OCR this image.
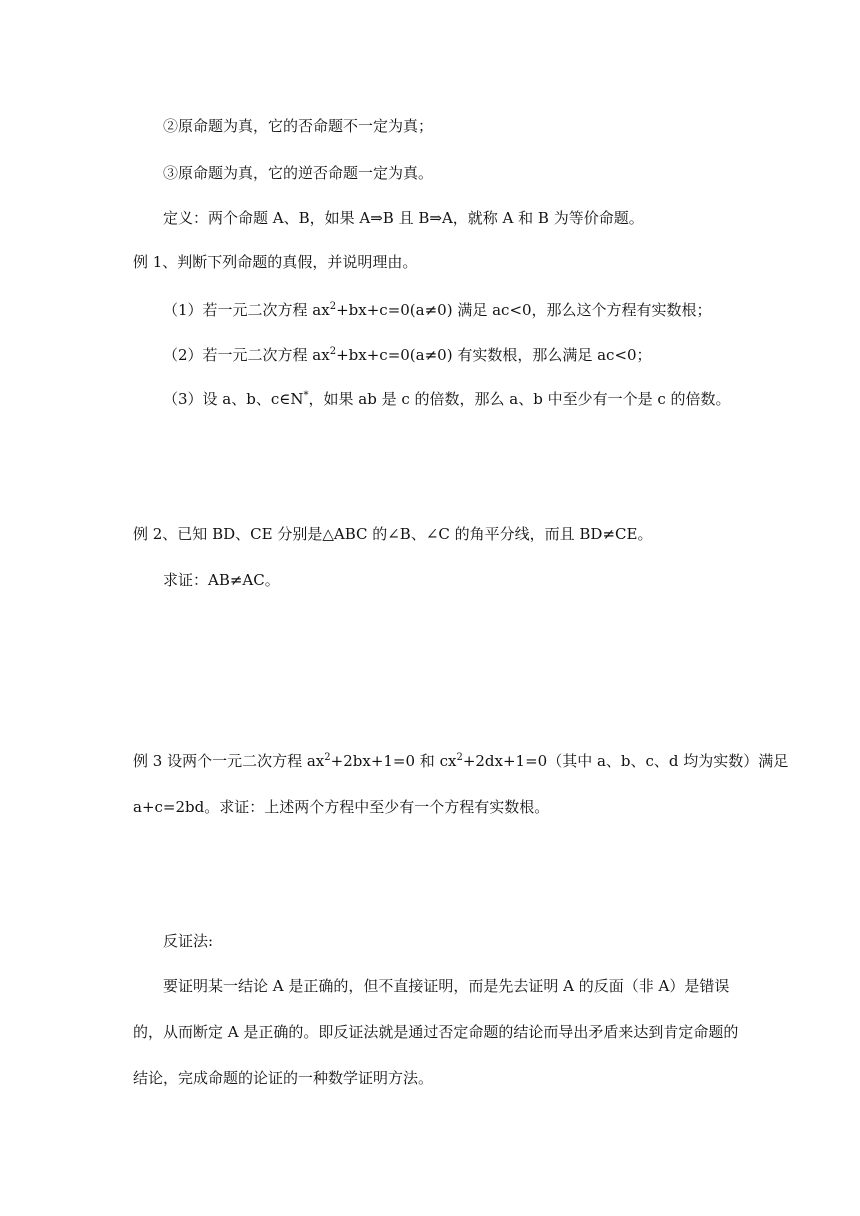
②原命题为真，它的否命题不一定为真；

③原命题为真，它的逆否命题一定为真。

定义：两个命题 A、B，如果 A⇒B 且 B⇒A，就称 A 和 B 为等价命题。

例 1、判断下列命题的真假，并说明理由。

（1）若一元二次方程 $ax^2+bx+c=0(a\ne 0)$ 满足 ac<0，那么这个方程有实数根；

（2）若一元二次方程 $ax^2+bx+c=0(a\ne 0)$ 有实数根，那么满足 ac<0；

（3）设 a、b、c∈N*，如果 ab 是 c 的倍数，那么 a、b 中至少有一个是 c 的倍数。

例 2、已知 BD、CE 分别是△ABC 的∠B、∠C 的角平分线，而且 BD≠CE。

求证：AB≠AC。

例 3 设两个一元二次方程 $ax^2+2bx+1=0$ 和 $cx^2+2dx+1=0$（其中 a、b、c、d 均为实数）满足

a+c=2bd。求证：上述两个方程中至少有一个方程有实数根。

反证法:

要证明某一结论 A 是正确的，但不直接证明，而是先去证明 A 的反面（非 A）是错误

的，从而断定 A 是正确的。即反证法就是通过否定命题的结论而导出矛盾来达到肯定命题的

结论，完成命题的论证的一种数学证明方法。
